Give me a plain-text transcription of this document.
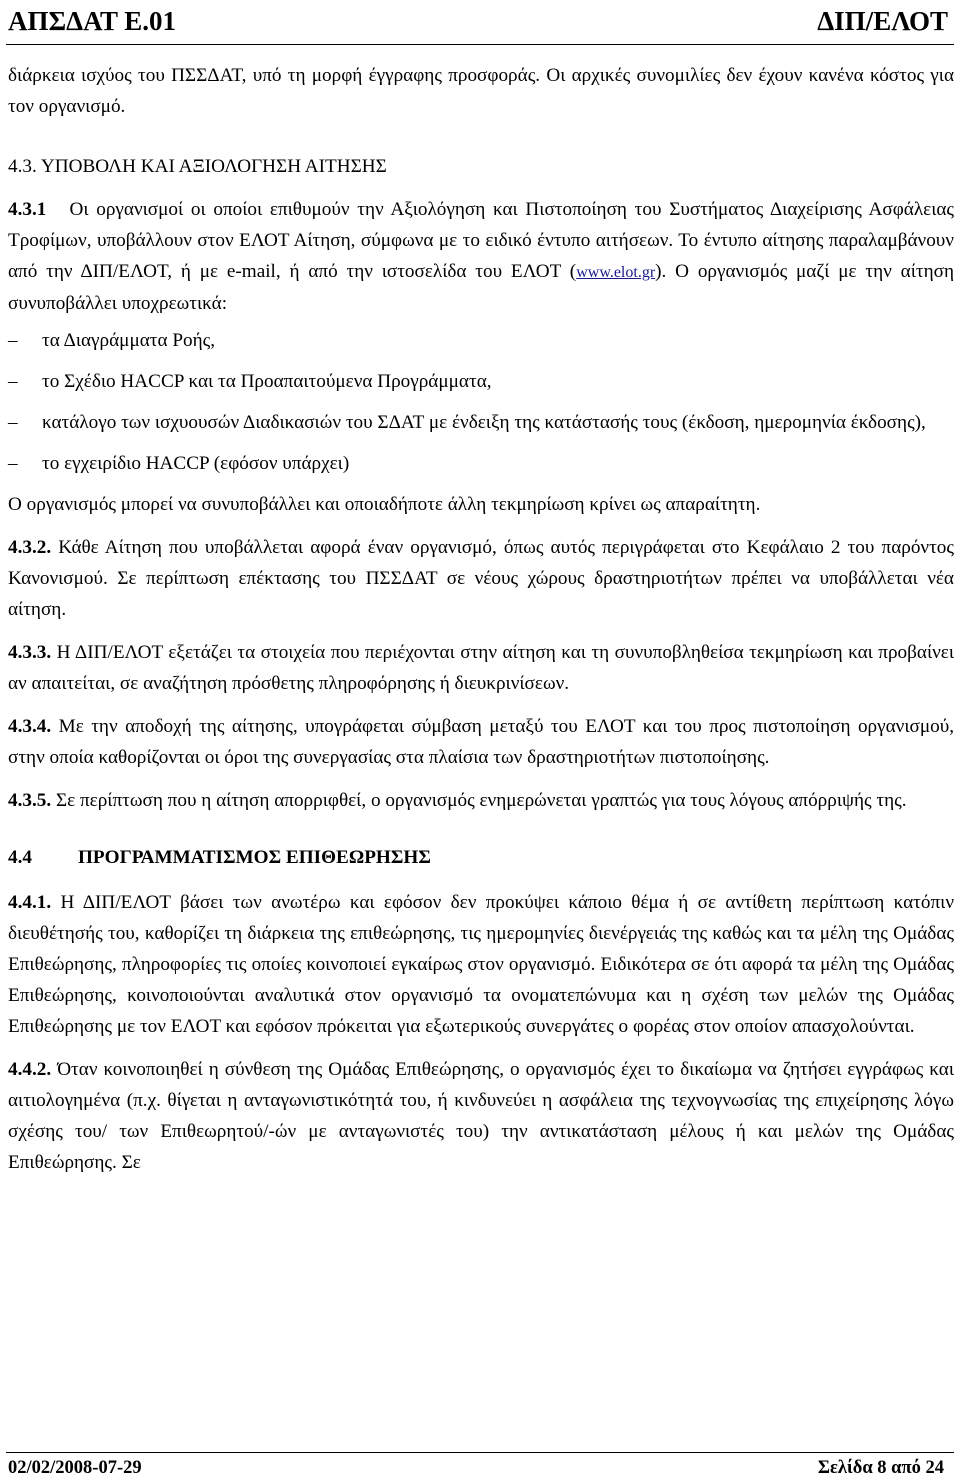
ΑΠΣΔΑΤ Ε.01	ΔΙΠ/ΕΛΟΤ

διάρκεια ισχύος του ΠΣΣΔΑΤ, υπό τη μορφή έγγραφης προσφοράς. Οι αρχικές συνομιλίες δεν έχουν κανένα κόστος για τον οργανισμό.

4.3. ΥΠΟΒΟΛΗ ΚΑΙ ΑΞΙΟΛΟΓΗΣΗ ΑΙΤΗΣΗΣ

4.3.1 Οι οργανισμοί οι οποίοι επιθυμούν την Αξιολόγηση και Πιστοποίηση του Συστήματος Διαχείρισης Ασφάλειας Τροφίμων, υποβάλλουν στον ΕΛΟΤ Αίτηση, σύμφωνα με το ειδικό έντυπο αιτήσεων. Το έντυπο αίτησης παραλαμβάνουν από την ΔΙΠ/ΕΛΟΤ, ή με e-mail, ή από την ιστοσελίδα του ΕΛΟΤ (www.elot.gr). Ο οργανισμός μαζί με την αίτηση συνυποβάλλει υποχρεωτικά:

–	τα Διαγράμματα Ροής,
–	το Σχέδιο HACCP και τα Προαπαιτούμενα Προγράμματα,
–	κατάλογο των ισχυουσών Διαδικασιών του ΣΔΑΤ με ένδειξη της κατάστασής τους (έκδοση, ημερομηνία έκδοσης),
–	το εγχειρίδιο HACCP (εφόσον υπάρχει)

Ο οργανισμός μπορεί να συνυποβάλλει και οποιαδήποτε άλλη τεκμηρίωση κρίνει ως απαραίτητη.

4.3.2. Κάθε Αίτηση που υποβάλλεται αφορά έναν οργανισμό, όπως αυτός περιγράφεται στο Κεφάλαιο 2 του παρόντος Κανονισμού. Σε περίπτωση επέκτασης του ΠΣΣΔΑΤ σε νέους χώρους δραστηριοτήτων πρέπει να υποβάλλεται νέα αίτηση.

4.3.3. Η ΔΙΠ/ΕΛΟΤ εξετάζει τα στοιχεία που περιέχονται στην αίτηση και τη συνυποβληθείσα τεκμηρίωση και προβαίνει αν απαιτείται, σε αναζήτηση πρόσθετης πληροφόρησης ή διευκρινίσεων.

4.3.4. Με την αποδοχή της αίτησης, υπογράφεται σύμβαση μεταξύ του ΕΛΟΤ και του προς πιστοποίηση οργανισμού, στην οποία καθορίζονται οι όροι της συνεργασίας στα πλαίσια των δραστηριοτήτων πιστοποίησης.

4.3.5. Σε περίπτωση που η αίτηση απορριφθεί, ο οργανισμός ενημερώνεται γραπτώς για τους λόγους απόρριψής της.

4.4 ΠΡΟΓΡΑΜΜΑΤΙΣΜΟΣ ΕΠΙΘΕΩΡΗΣΗΣ

4.4.1. Η ΔΙΠ/ΕΛΟΤ βάσει των ανωτέρω και εφόσον δεν προκύψει κάποιο θέμα ή σε αντίθετη περίπτωση κατόπιν διευθέτησής του, καθορίζει τη διάρκεια της επιθεώρησης, τις ημερομηνίες διενέργειάς της καθώς και τα μέλη της Ομάδας Επιθεώρησης, πληροφορίες τις οποίες κοινοποιεί εγκαίρως στον οργανισμό. Ειδικότερα σε ότι αφορά τα μέλη της Ομάδας Επιθεώρησης, κοινοποιούνται αναλυτικά στον οργανισμό τα ονοματεπώνυμα και η σχέση των μελών της Ομάδας Επιθεώρησης με τον ΕΛΟΤ και εφόσον πρόκειται για εξωτερικούς συνεργάτες ο φορέας στον οποίον απασχολούνται.

4.4.2. Όταν κοινοποιηθεί η σύνθεση της Ομάδας Επιθεώρησης, ο οργανισμός έχει το δικαίωμα να ζητήσει εγγράφως και αιτιολογημένα (π.χ. θίγεται η ανταγωνιστικότητά του, ή κινδυνεύει η ασφάλεια της τεχνογνωσίας της επιχείρησης λόγω σχέσης του/ των Επιθεωρητού/-ών με ανταγωνιστές του) την αντικατάσταση μέλους ή και μελών της Ομάδας Επιθεώρησης. Σε

02/02/2008-07-29	Σελίδα 8 από 24
